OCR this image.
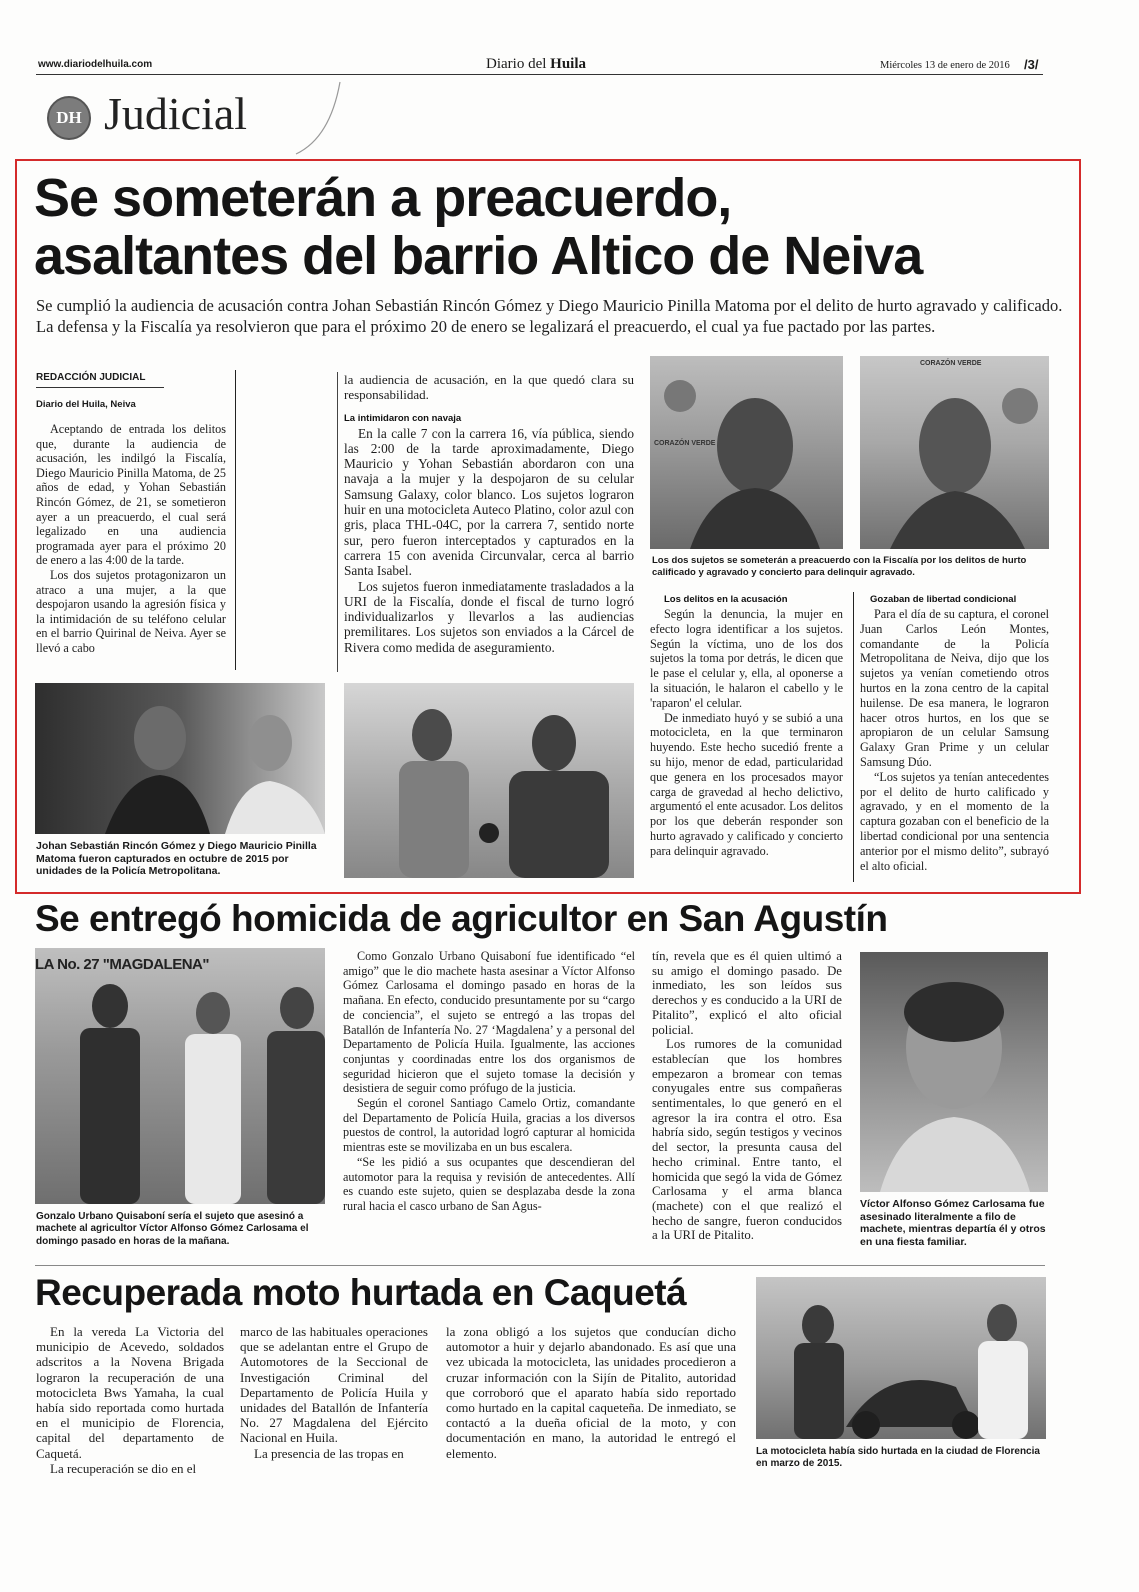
www.diariodelhuila.com	Diario del Huila	Miércoles 13 de enero de 2016 /3/
DH Judicial
Se someterán a preacuerdo,
asaltantes del barrio Altico de Neiva
Se cumplió la audiencia de acusación contra Johan Sebastián Rincón Gómez y Diego Mauricio Pinilla Matoma por el delito de hurto agravado y calificado. La defensa y la Fiscalía ya resolvieron que para el próximo 20 de enero se legalizará el preacuerdo, el cual ya fue pactado por las partes.
REDACCIÓN JUDICIAL
Diario del Huila, Neiva

Aceptando de entrada los delitos que, durante la audiencia de acusación, les indilgó la Fiscalía, Diego Mauricio Pinilla Matoma, de 25 años de edad, y Yohan Sebastián Rincón Gómez, de 21, se sometieron ayer a un preacuerdo, el cual será legalizado en una audiencia programada ayer para el próximo 20 de enero a las 4:00 de la tarde.

Los dos sujetos protagonizaron un atraco a una mujer, a la que despojaron usando la agresión física y la intimidación de su teléfono celular en el barrio Quirinal de Neiva. Ayer se llevó a cabo

la audiencia de acusación, en la que quedó clara su responsabilidad.

La intimidaron con navaja

En la calle 7 con la carrera 16, vía pública, siendo las 2:00 de la tarde aproximadamente, Diego Mauricio y Yohan Sebastián abordaron con una navaja a la mujer y la despojaron de su celular Samsung Galaxy, color blanco. Los sujetos lograron huir en una motocicleta Auteco Platino, color azul con gris, placa THL-04C, por la carrera 7, sentido norte sur, pero fueron interceptados y capturados en la carrera 15 con avenida Circunvalar, cerca al barrio Santa Isabel.

Los sujetos fueron inmediatamente trasladados a la URI de la Fiscalía, donde el fiscal de turno logró individualizarlos y llevarlos a las audiencias premilitares. Los sujetos son enviados a la Cárcel de Rivera como medida de aseguramiento.

CORAZÓN VERDE
CORAZÓN VERDE
Los dos sujetos se someterán a preacuerdo con la Fiscalía por los delitos de hurto calificado y agravado y concierto para delinquir agravado.
Los delitos en la acusación

Según la denuncia, la mujer en efecto logra identificar a los sujetos. Según la víctima, uno de los dos sujetos la toma por detrás, le dicen que le pase el celular y, ella, al oponerse a la situación, le halaron el cabello y le 'raparon' el celular.

De inmediato huyó y se subió a una motocicleta, en la que terminaron huyendo. Este hecho sucedió frente a su hijo, menor de edad, particularidad que genera en los procesados mayor carga de gravedad al hecho delictivo, argumentó el ente acusador. Los delitos por los que deberán responder son hurto agravado y calificado y concierto para delinquir agravado.

Gozaban de libertad condicional

Para el día de su captura, el coronel Juan Carlos León Montes, comandante de la Policía Metropolitana de Neiva, dijo que los sujetos ya venían cometiendo otros hurtos en la zona centro de la capital huilense. De esa manera, le lograron hacer otros hurtos, en los que se apropiaron de un celular Samsung Galaxy Gran Prime y un celular Samsung Dúo.

“Los sujetos ya tenían antecedentes por el delito de hurto calificado y agravado, y en el momento de la captura gozaban con el beneficio de la libertad condicional por una sentencia anterior por el mismo delito”, subrayó el alto oficial.

Johan Sebastián Rincón Gómez y Diego Mauricio Pinilla Matoma fueron capturados en octubre de 2015 por unidades de la Policía Metropolitana.
Se entregó homicida de agricultor en San Agustín
LA No. 27 "MAGDALENA"
Gonzalo Urbano Quisaboní sería el sujeto que asesinó a machete al agricultor Víctor Alfonso Gómez Carlosama el domingo pasado en horas de la mañana.

Como Gonzalo Urbano Quisaboní fue identificado “el amigo” que le dio machete hasta asesinar a Víctor Alfonso Gómez Carlosama el domingo pasado en horas de la mañana. En efecto, conducido presuntamente por su “cargo de conciencia”, el sujeto se entregó a las tropas del Batallón de Infantería No. 27 ‘Magdalena’ y a personal del Departamento de Policía Huila. Igualmente, las acciones conjuntas y coordinadas entre los dos organismos de seguridad hicieron que el sujeto tomase la decisión y desistiera de seguir como prófugo de la justicia.

Según el coronel Santiago Camelo Ortiz, comandante del Departamento de Policía Huila, gracias a los diversos puestos de control, la autoridad logró capturar al homicida mientras este se movilizaba en un bus escalera.

“Se les pidió a sus ocupantes que descendieran del automotor para la requisa y revisión de antecedentes. Allí es cuando este sujeto, quien se desplazaba desde la zona rural hacia el casco urbano de San Agus-

tín, revela que es él quien ultimó a su amigo el domingo pasado. De inmediato, les son leídos sus derechos y es conducido a la URI de Pitalito”, explicó el alto oficial policial.

Los rumores de la comunidad establecían que los hombres empezaron a bromear con temas conyugales entre sus compañeras sentimentales, lo que generó en el agresor la ira contra el otro. Esa habría sido, según testigos y vecinos del sector, la presunta causa del hecho criminal. Entre tanto, el homicida que segó la vida de Gómez Carlosama y el arma blanca (machete) con el que realizó el hecho de sangre, fueron conducidos a la URI de Pitalito.

Víctor Alfonso Gómez Carlosama fue asesinado literalmente a filo de machete, mientras departía él y otros en una fiesta familiar.
Recuperada moto hurtada en Caquetá

En la vereda La Victoria del municipio de Acevedo, soldados adscritos a la Novena Brigada lograron la recuperación de una motocicleta Bws Yamaha, la cual había sido reportada como hurtada en el municipio de Florencia, capital del departamento de Caquetá.

La recuperación se dio en el

marco de las habituales operaciones que se adelantan entre el Grupo de Automotores de la Seccional de Investigación Criminal del Departamento de Policía Huila y unidades del Batallón de Infantería No. 27 Magdalena del Ejército Nacional en Huila.

La presencia de las tropas en

la zona obligó a los sujetos que conducían dicho automotor a huir y dejarlo abandonado. Es así que una vez ubicada la motocicleta, las unidades procedieron a cruzar información con la Sijín de Pitalito, autoridad que corroboró que el aparato había sido reportado como hurtado en la capital caqueteña. De inmediato, se contactó a la dueña oficial de la moto, y con documentación en mano, la autoridad le entregó el elemento.	La motocicleta había sido hurtada en la ciudad de Florencia en marzo de 2015.
